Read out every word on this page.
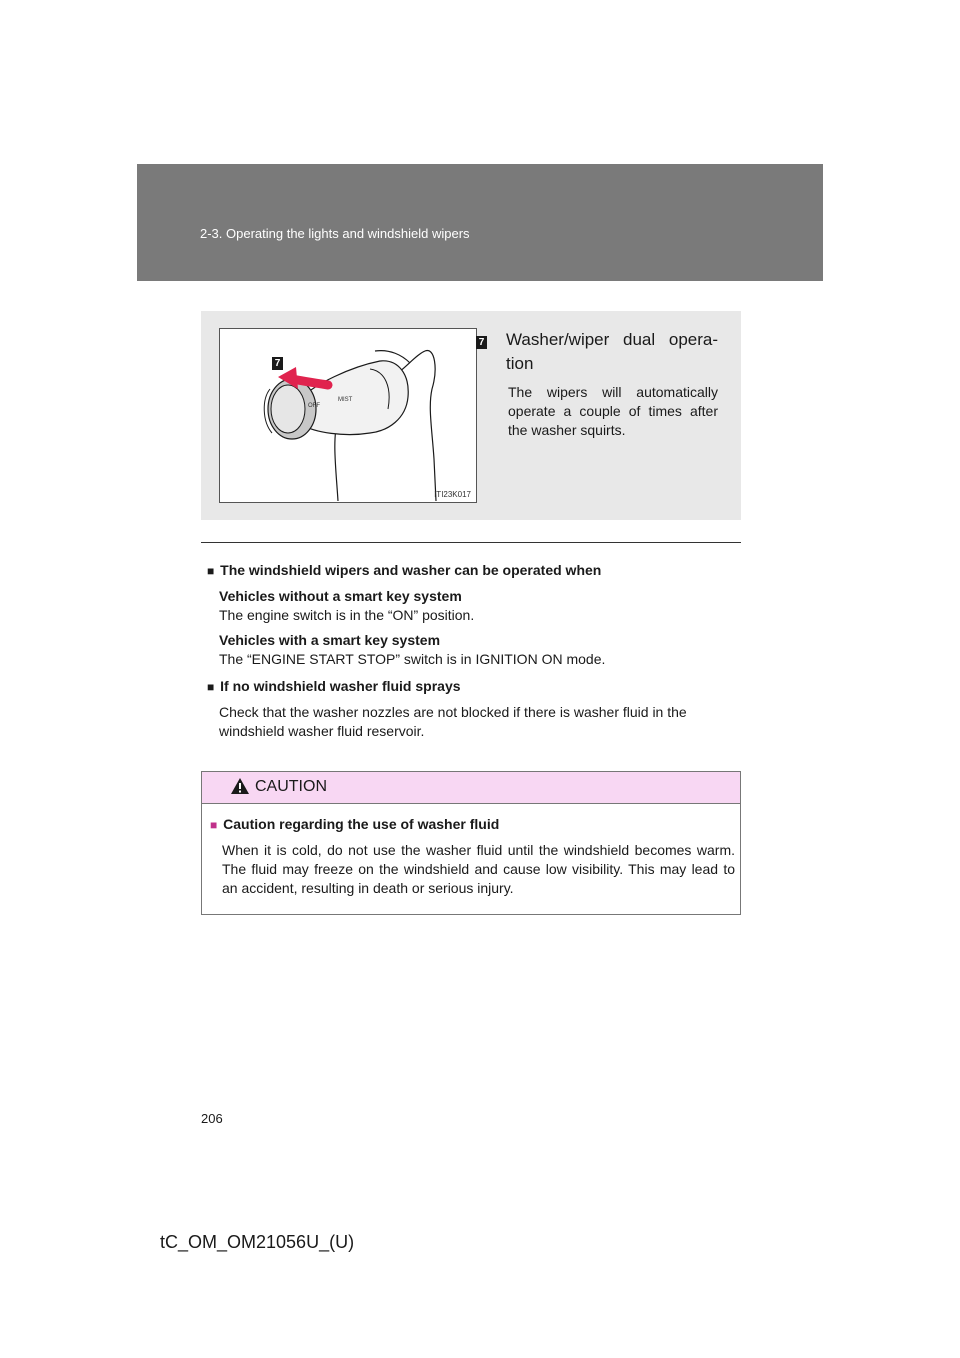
2-3. Operating the lights and windshield wipers
OFF
MIST
7
ITI23K017
7 Washer/wiper dual opera-tion
The wipers will automatically operate a couple of times after the washer squirts.

■ The windshield wipers and washer can be operated when

Vehicles without a smart key system
The engine switch is in the “ON” position.
Vehicles with a smart key system
The “ENGINE START STOP” switch is in IGNITION ON mode.

■ If no windshield washer fluid sprays

Check that the washer nozzles are not blocked if there is washer fluid in the windshield washer fluid reservoir.
CAUTION
■ Caution regarding the use of washer fluid
When it is cold, do not use the washer fluid until the windshield becomes warm. The fluid may freeze on the windshield and cause low visibility. This may lead to an accident, resulting in death or serious injury.
206
tC_OM_OM21056U_(U)
